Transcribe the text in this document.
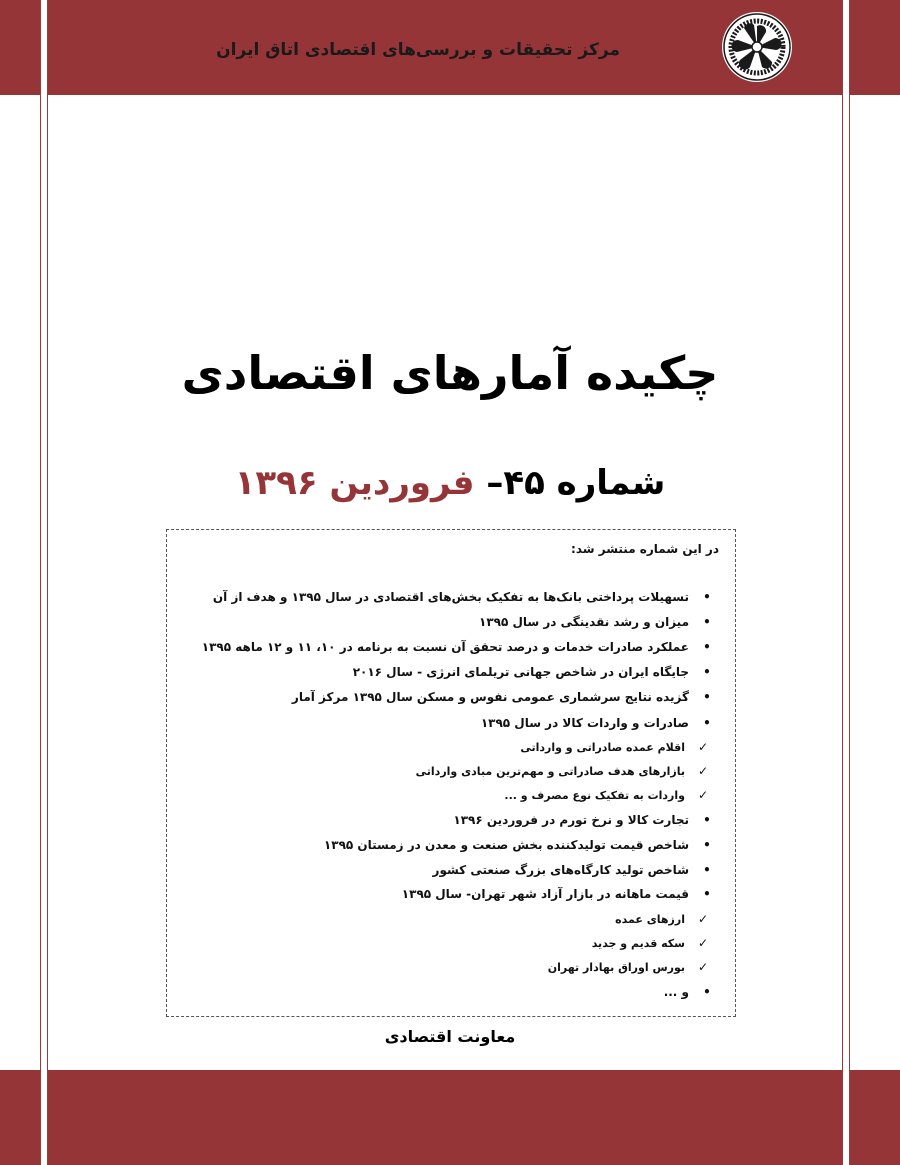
مرکز تحقیقات و بررسی‌های اقتصادی اتاق ایران
چکیده آمارهای اقتصادی
شماره ۴۵– فروردین ۱۳۹۶
در این شماره منتشر شد:
•
تسهیلات پرداختی بانک‌ها به تفکیک بخش‌های اقتصادی در سال ۱۳۹۵ و هدف از آن
•
میزان و رشد نقدینگی در سال ۱۳۹۵
•
عملکرد صادرات خدمات و درصد تحقق آن نسبت به برنامه در ۱۰، ۱۱ و ۱۲ ماهه ۱۳۹۵
•
جایگاه ایران در شاخص جهانی تریلمای انرژی - سال ۲۰۱۶
•
گزیده نتایج سرشماری عمومی نفوس و مسکن سال ۱۳۹۵ مرکز آمار
•
صادرات و واردات کالا در سال ۱۳۹۵
✓
اقلام عمده صادراتی و وارداتی
✓
بازارهای هدف صادراتی و مهم‌ترین مبادی وارداتی
✓
واردات به تفکیک نوع مصرف و ...
•
تجارت کالا و نرخ تورم در فروردین ۱۳۹۶
•
شاخص قیمت تولیدکننده بخش صنعت و معدن در زمستان ۱۳۹۵
•
شاخص تولید کارگاه‌های بزرگ صنعتی کشور
•
قیمت ماهانه در بازار آزاد شهر تهران- سال ۱۳۹۵
✓
ارزهای عمده
✓
سکه قدیم و جدید
✓
بورس اوراق بهادار تهران
•
و ...
معاونت اقتصادی
